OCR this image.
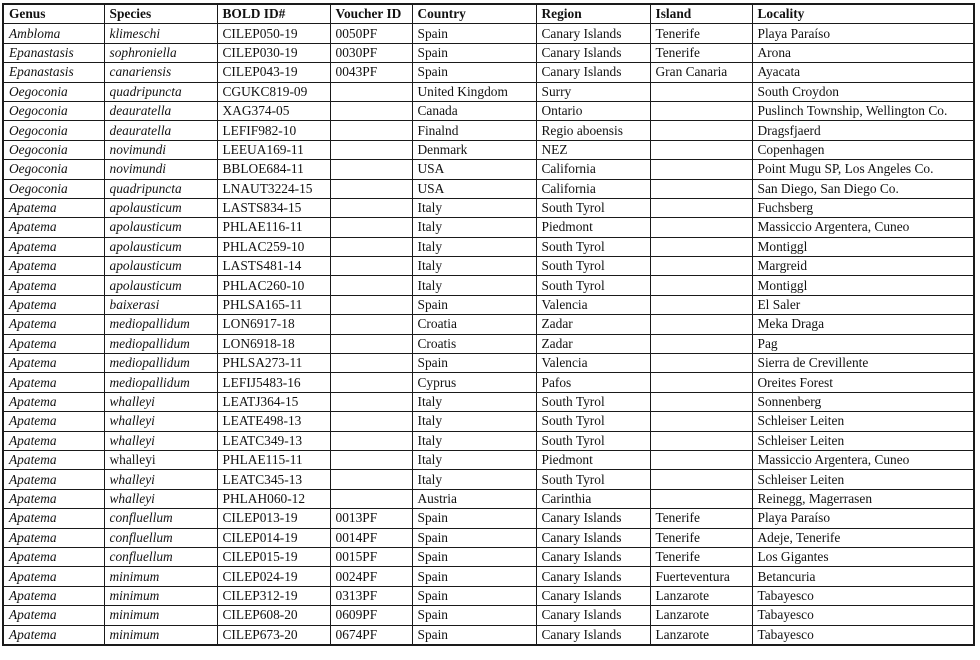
Genus	Species	BOLD ID#	Voucher ID	Country	Region	Island	Locality
Ambloma	klimeschi	CILEP050-19	0050PF	Spain	Canary Islands	Tenerife	Playa Paraíso
Epanastasis	sophroniella	CILEP030-19	0030PF	Spain	Canary Islands	Tenerife	Arona
Epanastasis	canariensis	CILEP043-19	0043PF	Spain	Canary Islands	Gran Canaria	Ayacata
Oegoconia	quadripuncta	CGUKC819-09		United Kingdom	Surry		South Croydon
Oegoconia	deauratella	XAG374-05		Canada	Ontario		Puslinch Township, Wellington Co.
Oegoconia	deauratella	LEFIF982-10		Finalnd	Regio aboensis		Dragsfjaerd
Oegoconia	novimundi	LEEUA169-11		Denmark	NEZ		Copenhagen
Oegoconia	novimundi	BBLOE684-11		USA	California		Point Mugu SP, Los Angeles Co.
Oegoconia	quadripuncta	LNAUT3224-15		USA	California		San Diego, San Diego Co.
Apatema	apolausticum	LASTS834-15		Italy	South Tyrol		Fuchsberg
Apatema	apolausticum	PHLAE116-11		Italy	Piedmont		Massiccio Argentera, Cuneo
Apatema	apolausticum	PHLAC259-10		Italy	South Tyrol		Montiggl
Apatema	apolausticum	LASTS481-14		Italy	South Tyrol		Margreid
Apatema	apolausticum	PHLAC260-10		Italy	South Tyrol		Montiggl
Apatema	baixerasi	PHLSA165-11		Spain	Valencia		El Saler
Apatema	mediopallidum	LON6917-18		Croatia	Zadar		Meka Draga
Apatema	mediopallidum	LON6918-18		Croatis	Zadar		Pag
Apatema	mediopallidum	PHLSA273-11		Spain	Valencia		Sierra de Crevillente
Apatema	mediopallidum	LEFIJ5483-16		Cyprus	Pafos		Oreites Forest
Apatema	whalleyi	LEATJ364-15		Italy	South Tyrol		Sonnenberg
Apatema	whalleyi	LEATE498-13		Italy	South Tyrol		Schleiser Leiten
Apatema	whalleyi	LEATC349-13		Italy	South Tyrol		Schleiser Leiten
Apatema	whalleyi	PHLAE115-11		Italy	Piedmont		Massiccio Argentera, Cuneo
Apatema	whalleyi	LEATC345-13		Italy	South Tyrol		Schleiser Leiten
Apatema	whalleyi	PHLAH060-12		Austria	Carinthia		Reinegg, Magerrasen
Apatema	confluellum	CILEP013-19	0013PF	Spain	Canary Islands	Tenerife	Playa Paraíso
Apatema	confluellum	CILEP014-19	0014PF	Spain	Canary Islands	Tenerife	Adeje, Tenerife
Apatema	confluellum	CILEP015-19	0015PF	Spain	Canary Islands	Tenerife	Los Gigantes
Apatema	minimum	CILEP024-19	0024PF	Spain	Canary Islands	Fuerteventura	Betancuria
Apatema	minimum	CILEP312-19	0313PF	Spain	Canary Islands	Lanzarote	Tabayesco
Apatema	minimum	CILEP608-20	0609PF	Spain	Canary Islands	Lanzarote	Tabayesco
Apatema	minimum	CILEP673-20	0674PF	Spain	Canary Islands	Lanzarote	Tabayesco
